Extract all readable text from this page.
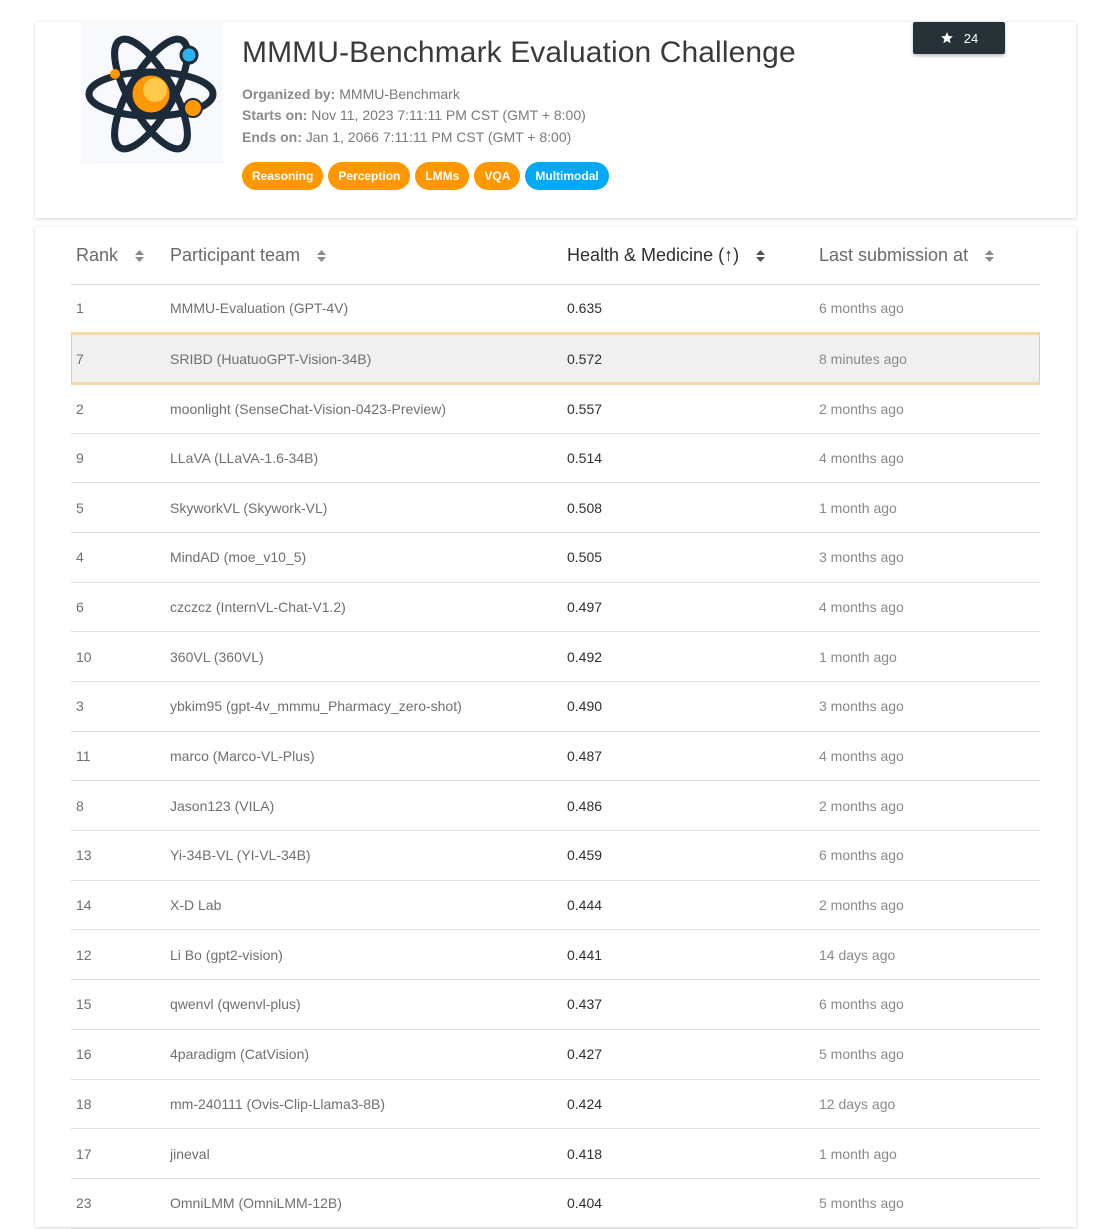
MMMU-Benchmark Evaluation Challenge
Organized by: MMMU-Benchmark
Starts on: Nov 11, 2023 7:11:11 PM CST (GMT + 8:00)
Ends on: Jan 1, 2066 7:11:11 PM CST (GMT + 8:00)
Reasoning	Perception	LMMs	VQA	Multimodal
24
Rank	Participant team	Health & Medicine (↑)	Last submission at

1	MMMU-Evaluation (GPT-4V)	0.635	6 months ago
7	SRIBD (HuatuoGPT-Vision-34B)	0.572	8 minutes ago
2	moonlight (SenseChat-Vision-0423-Preview)	0.557	2 months ago
9	LLaVA (LLaVA-1.6-34B)	0.514	4 months ago
5	SkyworkVL (Skywork-VL)	0.508	1 month ago
4	MindAD (moe_v10_5)	0.505	3 months ago
6	czczcz (InternVL-Chat-V1.2)	0.497	4 months ago
10	360VL (360VL)	0.492	1 month ago
3	ybkim95 (gpt-4v_mmmu_Pharmacy_zero-shot)	0.490	3 months ago
11	marco (Marco-VL-Plus)	0.487	4 months ago
8	Jason123 (VILA)	0.486	2 months ago
13	Yi-34B-VL (YI-VL-34B)	0.459	6 months ago
14	X-D Lab	0.444	2 months ago
12	Li Bo (gpt2-vision)	0.441	14 days ago
15	qwenvl (qwenvl-plus)	0.437	6 months ago
16	4paradigm (CatVision)	0.427	5 months ago
18	mm-240111 (Ovis-Clip-Llama3-8B)	0.424	12 days ago
17	jineval	0.418	1 month ago
23	OmniLMM (OmniLMM-12B)	0.404	5 months ago
